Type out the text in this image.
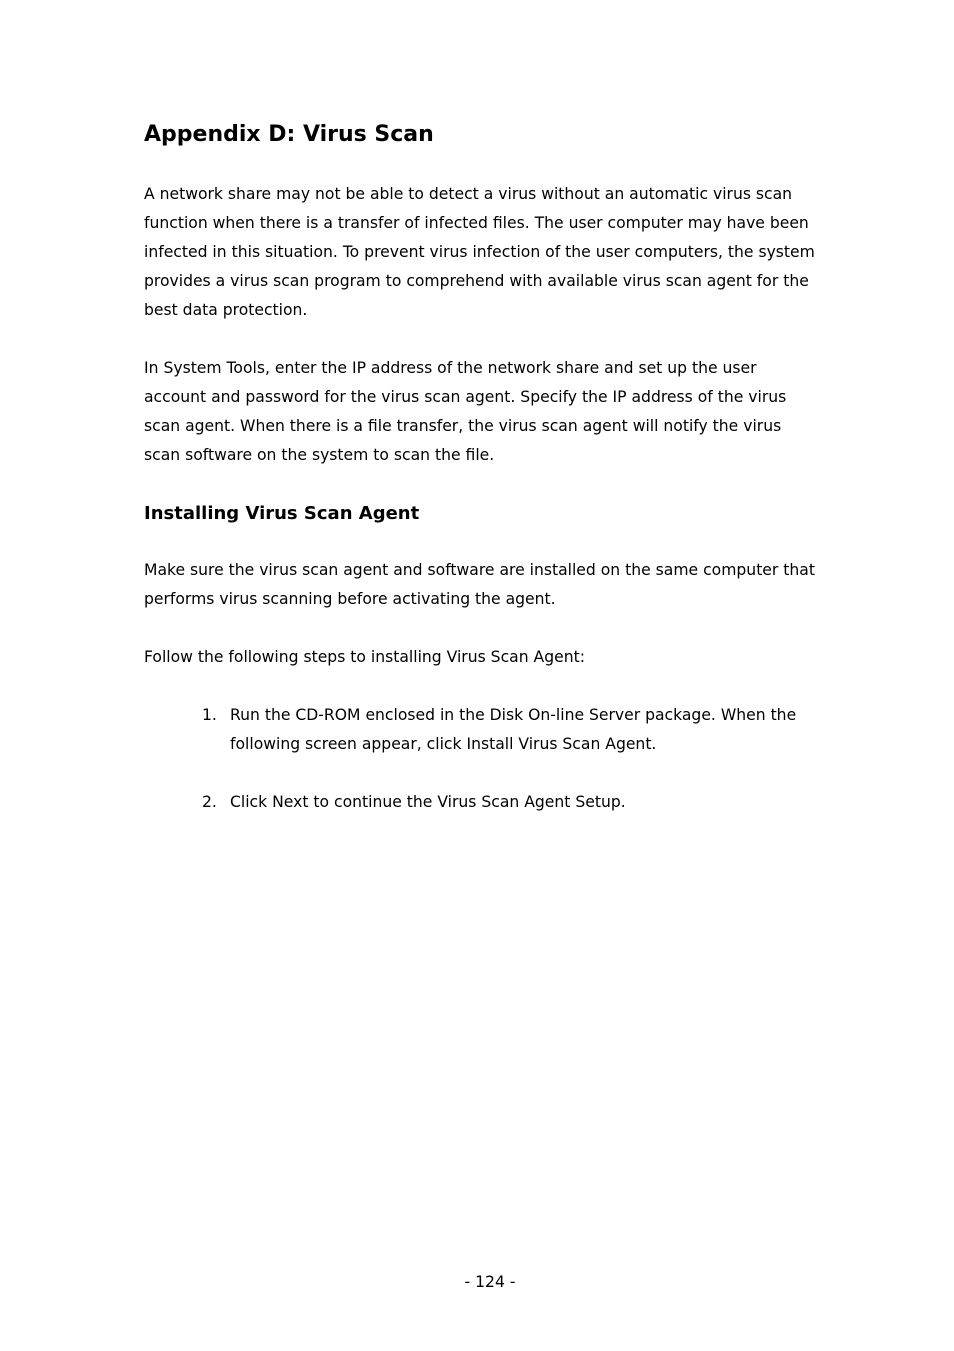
Appendix D: Virus Scan

A network share may not be able to detect a virus without an automatic virus scan function when there is a transfer of infected files. The user computer may have been infected in this situation. To prevent virus infection of the user computers, the system provides a virus scan program to comprehend with available virus scan agent for the best data protection.

In System Tools, enter the IP address of the network share and set up the user account and password for the virus scan agent. Specify the IP address of the virus scan agent. When there is a file transfer, the virus scan agent will notify the virus scan software on the system to scan the file.

Installing Virus Scan Agent

Make sure the virus scan agent and software are installed on the same computer that performs virus scanning before activating the agent.

Follow the following steps to installing Virus Scan Agent:

1. Run the CD-ROM enclosed in the Disk On-line Server package. When the following screen appear, click Install Virus Scan Agent.
2. Click Next to continue the Virus Scan Agent Setup.
- 124 -
